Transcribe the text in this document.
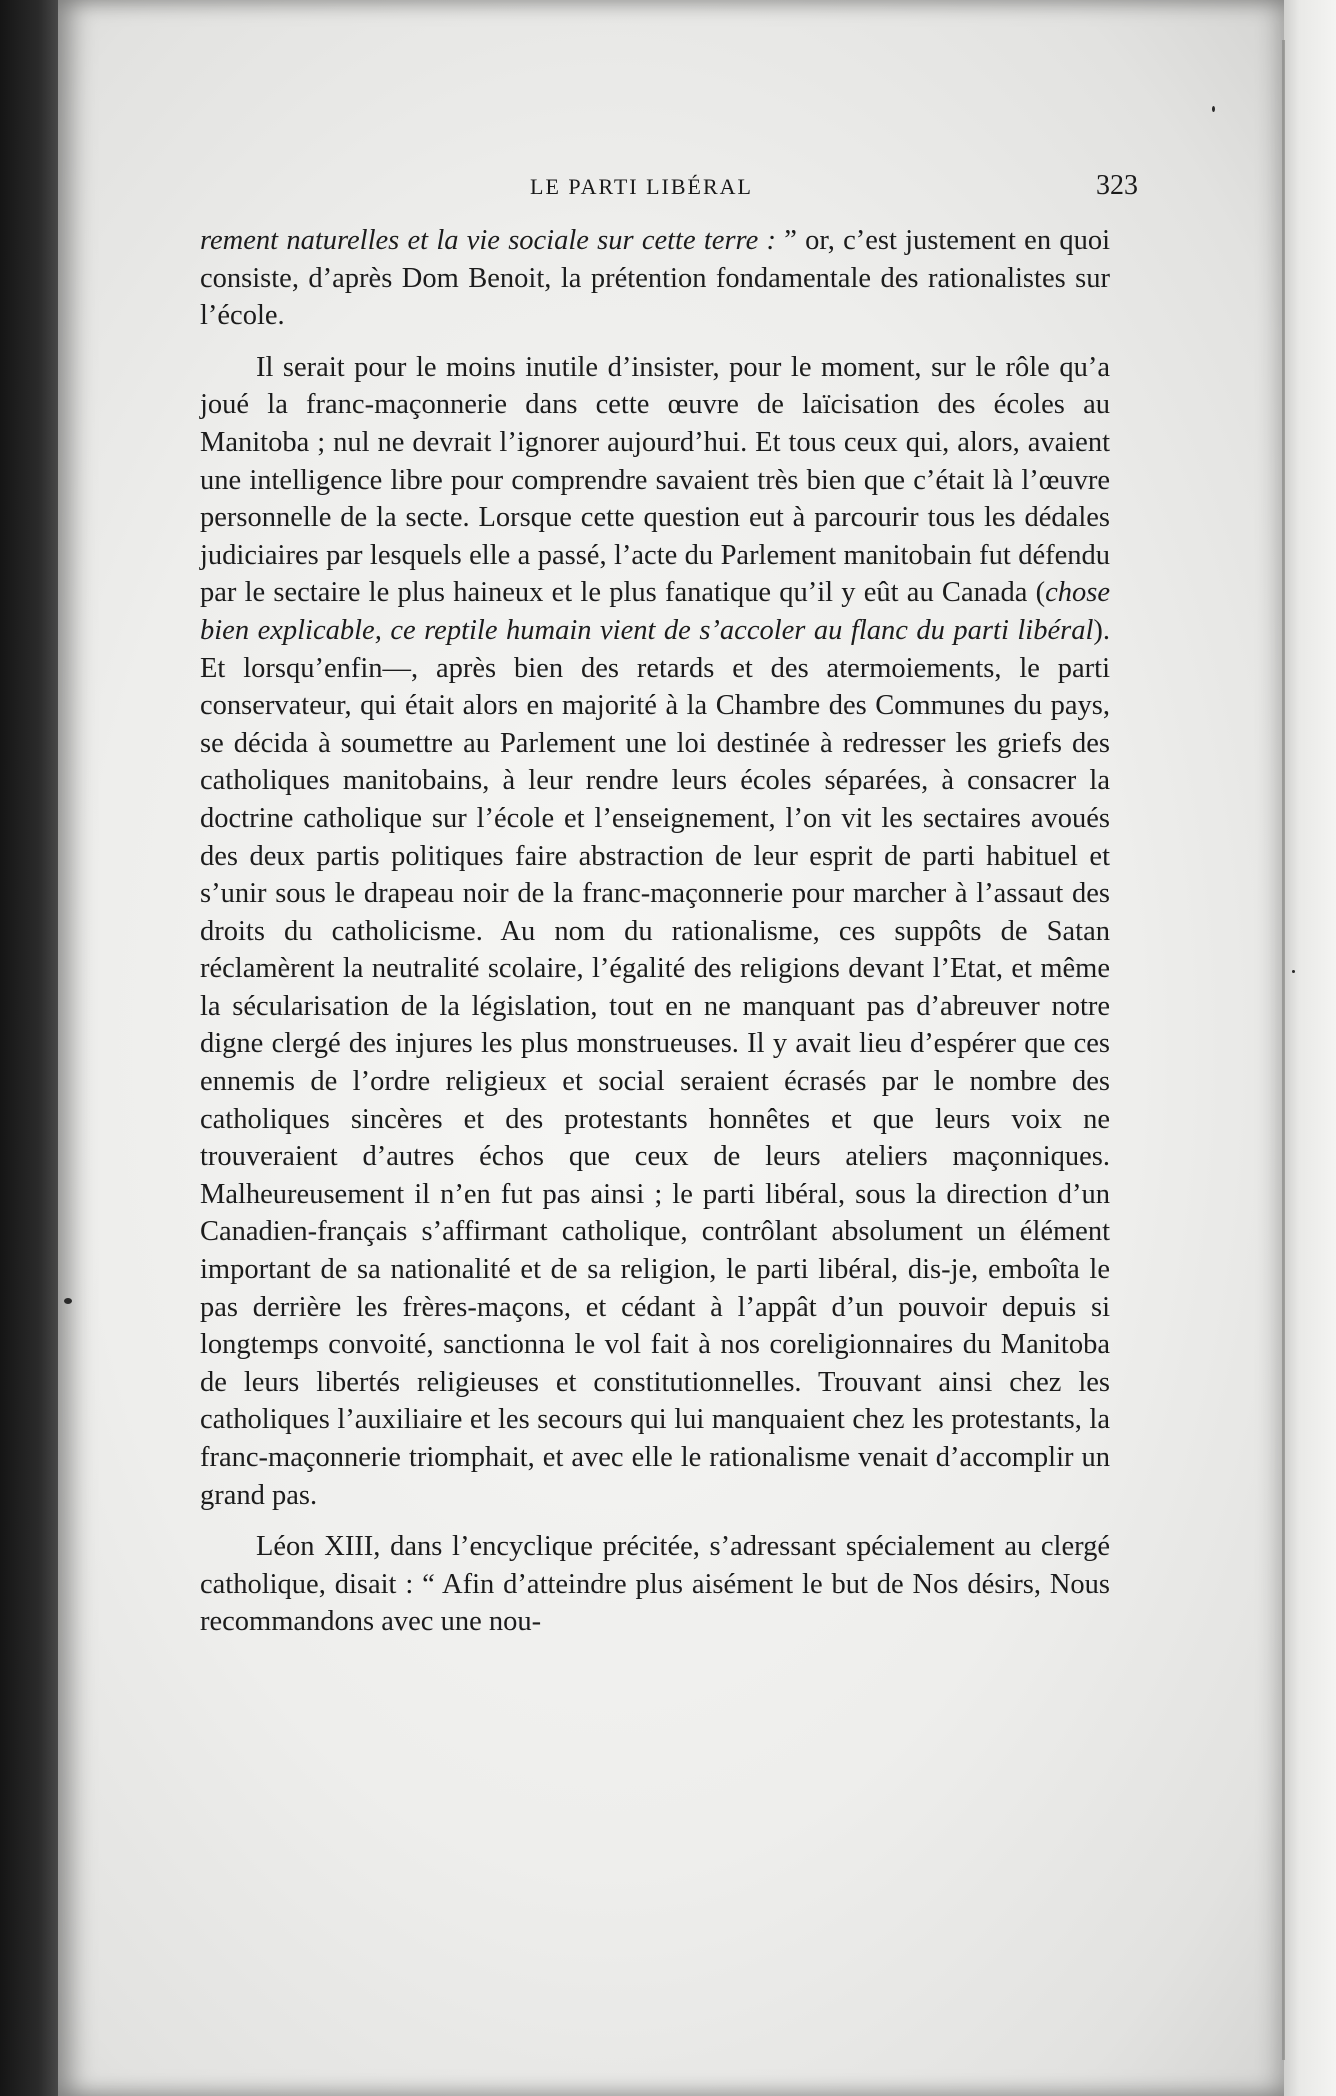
LE PARTI LIBÉRAL	323

rement naturelles et la vie sociale sur cette terre : ” or, c’est justement en quoi consiste, d’après Dom Benoit, la prétention fondamentale des rationalistes sur l’école.

Il serait pour le moins inutile d’insister, pour le moment, sur le rôle qu’a joué la franc-maçonnerie dans cette œuvre de laïcisation des écoles au Manitoba ; nul ne devrait l’ignorer aujourd’hui. Et tous ceux qui, alors, avaient une intelligence libre pour comprendre savaient très bien que c’était là l’œuvre personnelle de la secte. Lorsque cette question eut à parcourir tous les dédales judiciaires par lesquels elle a passé, l’acte du Parlement manitobain fut défendu par le sectaire le plus haineux et le plus fanatique qu’il y eût au Canada (chose bien explicable, ce reptile humain vient de s’accoler au flanc du parti libéral). Et lorsqu’enfin—, après bien des retards et des atermoiements, le parti conservateur, qui était alors en majorité à la Chambre des Communes du pays, se décida à soumettre au Parlement une loi destinée à redresser les griefs des catholiques manitobains, à leur rendre leurs écoles séparées, à consacrer la doctrine catholique sur l’école et l’enseignement, l’on vit les sectaires avoués des deux partis politiques faire abstraction de leur esprit de parti habituel et s’unir sous le drapeau noir de la franc-maçonnerie pour marcher à l’assaut des droits du catholicisme. Au nom du rationalisme, ces suppôts de Satan réclamèrent la neutralité scolaire, l’égalité des religions devant l’Etat, et même la sécularisation de la législation, tout en ne manquant pas d’abreuver notre digne clergé des injures les plus monstrueuses. Il y avait lieu d’espérer que ces ennemis de l’ordre religieux et social seraient écrasés par le nombre des catholiques sincères et des protestants honnêtes et que leurs voix ne trouveraient d’autres échos que ceux de leurs ateliers maçonniques. Malheureusement il n’en fut pas ainsi ; le parti libéral, sous la direction d’un Canadien-français s’affirmant catholique, contrôlant absolument un élément important de sa nationalité et de sa religion, le parti libéral, dis-je, emboîta le pas derrière les frères-maçons, et cédant à l’appât d’un pouvoir depuis si longtemps convoité, sanctionna le vol fait à nos coreligionnaires du Manitoba de leurs libertés religieuses et constitutionnelles. Trouvant ainsi chez les catholiques l’auxiliaire et les secours qui lui manquaient chez les protestants, la franc-maçonnerie triomphait, et avec elle le rationalisme venait d’accomplir un grand pas.

Léon XIII, dans l’encyclique précitée, s’adressant spécialement au clergé catholique, disait : “ Afin d’atteindre plus aisément le but de Nos désirs, Nous recommandons avec une nou-
